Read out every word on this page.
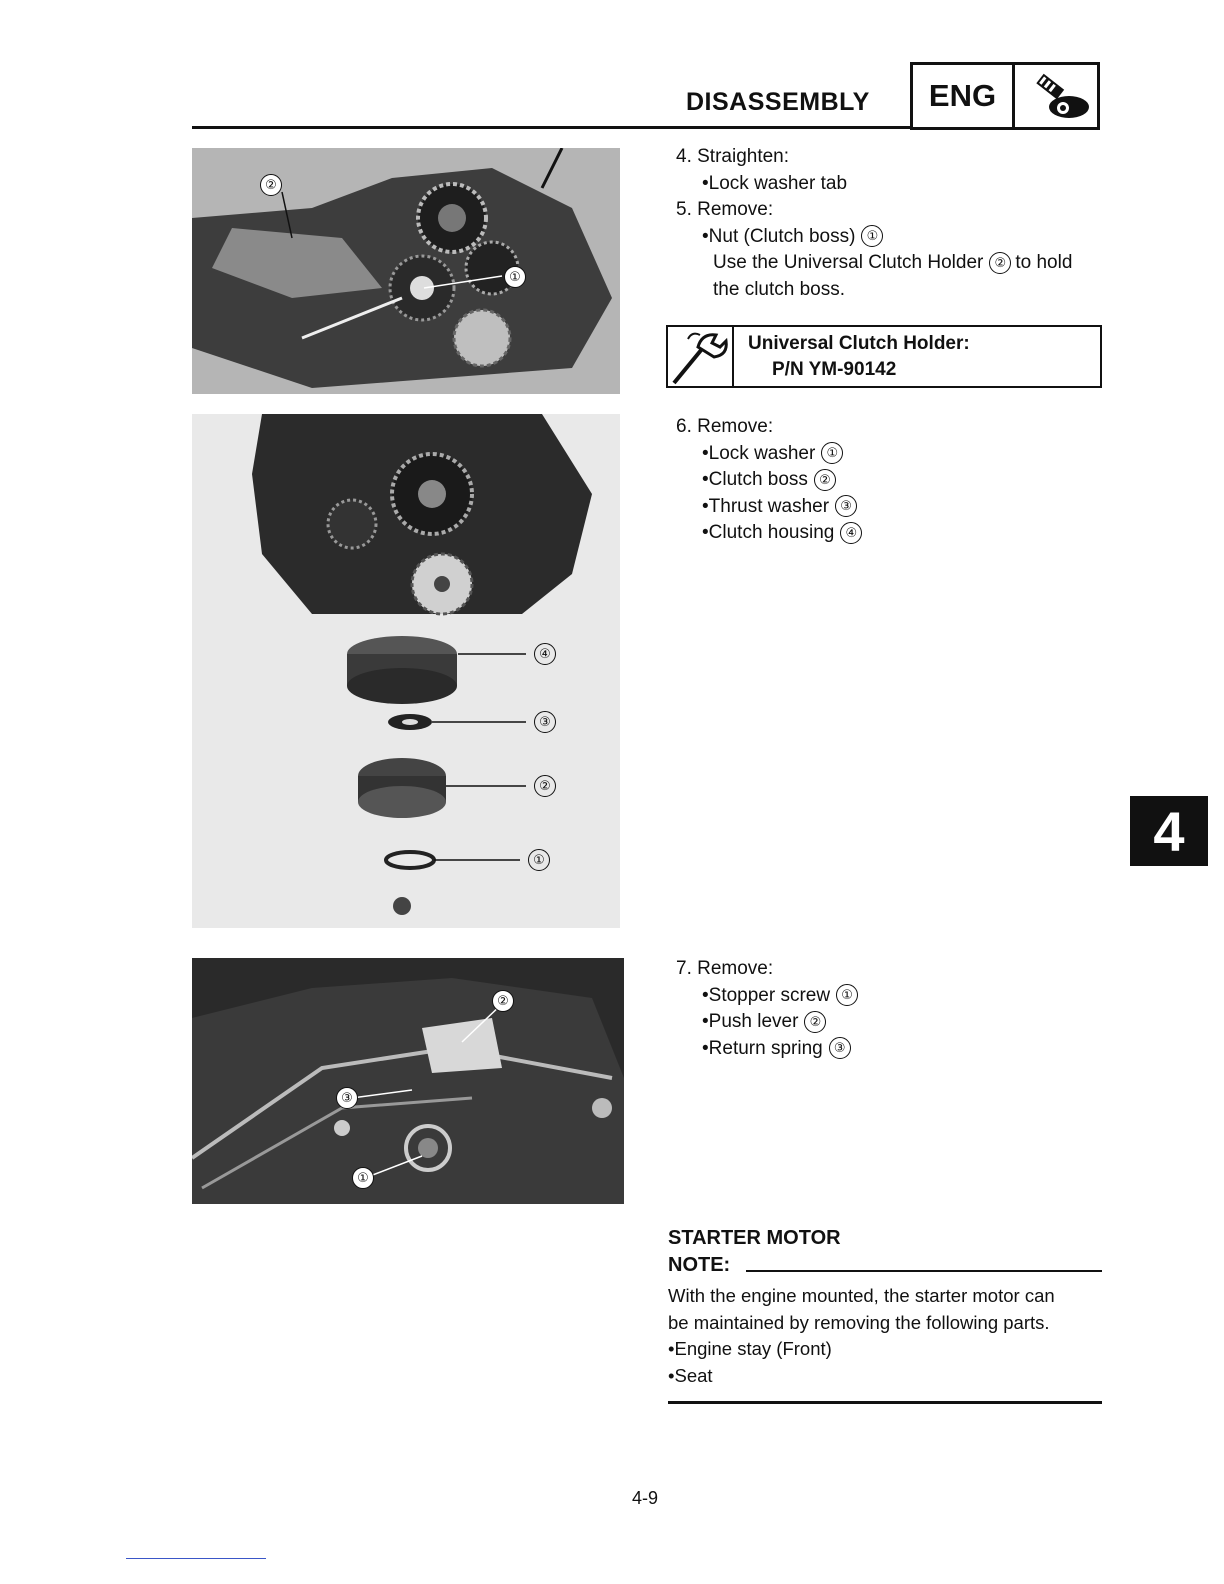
DISASSEMBLY	ENG
②
①
④
③
②
①
②
③
①
4. Straighten:
• Lock washer tab
5. Remove:
• Nut (Clutch boss) ①
Use the Universal Clutch Holder ② to hold
the clutch boss.
Universal Clutch Holder:
P/N YM-90142
6. Remove:
• Lock washer ①
• Clutch boss ②
• Thrust washer ③
• Clutch housing ④
7. Remove:
• Stopper screw ①
• Push lever ②
• Return spring ③
STARTER MOTOR
NOTE:
With the engine mounted, the starter motor can
be maintained by removing the following parts.
• Engine stay (Front)
• Seat
4
4-9
